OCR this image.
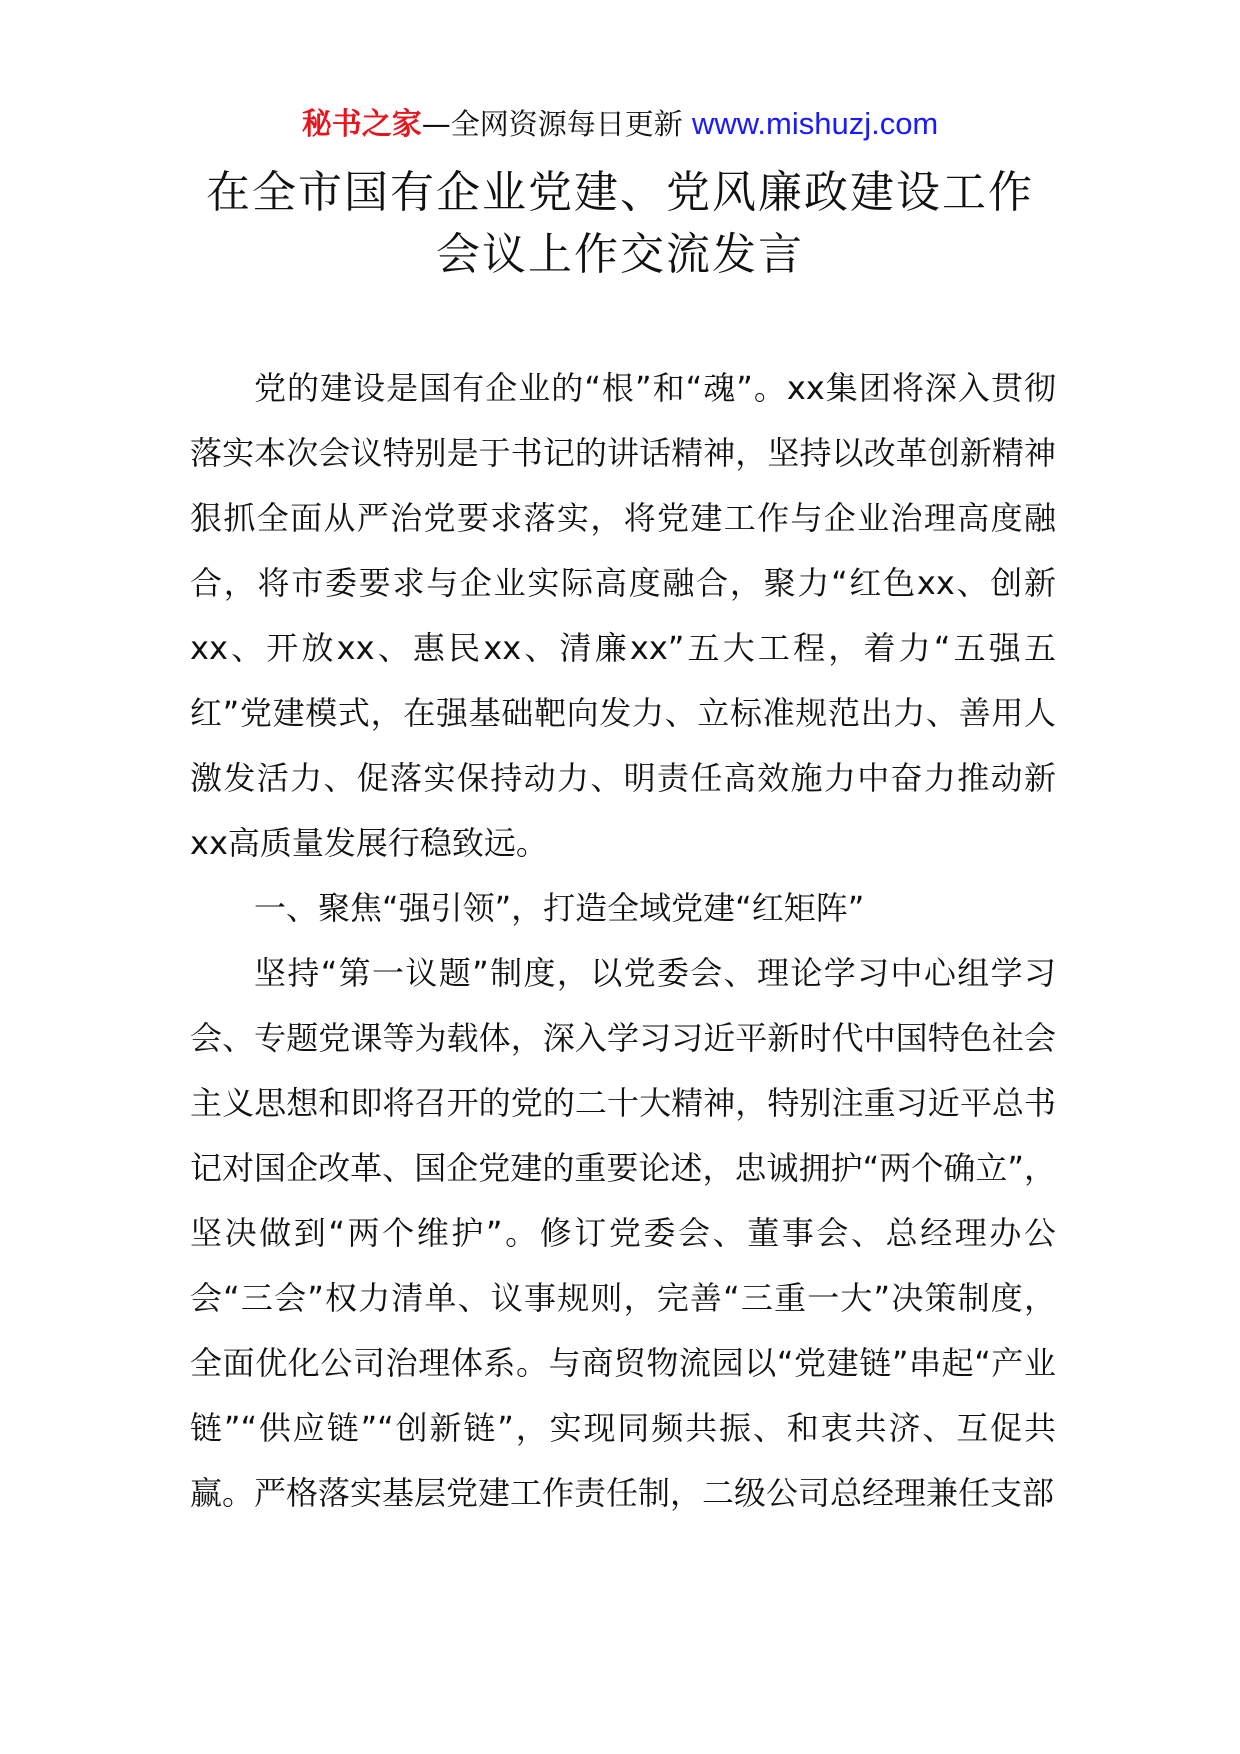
秘书之家—全网资源每日更新 www.mishuzj.com
在全市国有企业党建、党风廉政建设工作
会议上作交流发言

党的建设是国有企业的“根”和“魂”。xx集团将深入贯彻落实本次会议特别是于书记的讲话精神，坚持以改革创新精神狠抓全面从严治党要求落实，将党建工作与企业治理高度融合，将市委要求与企业实际高度融合，聚力“红色xx、创新xx、开放xx、惠民xx、清廉xx”五大工程，着力“五强五红”党建模式，在强基础靶向发力、立标准规范出力、善用人激发活力、促落实保持动力、明责任高效施力中奋力推动新xx高质量发展行稳致远。

一、聚焦“强引领”，打造全域党建“红矩阵”

坚持“第一议题”制度，以党委会、理论学习中心组学习会、专题党课等为载体，深入学习习近平新时代中国特色社会主义思想和即将召开的党的二十大精神，特别注重习近平总书记对国企改革、国企党建的重要论述，忠诚拥护“两个确立”，坚决做到“两个维护”。修订党委会、董事会、总经理办公会“三会”权力清单、议事规则，完善“三重一大”决策制度，全面优化公司治理体系。与商贸物流园以“党建链”串起“产业链”“供应链”“创新链”，实现同频共振、和衷共济、互促共赢。严格落实基层党建工作责任制，二级公司总经理兼任支部
